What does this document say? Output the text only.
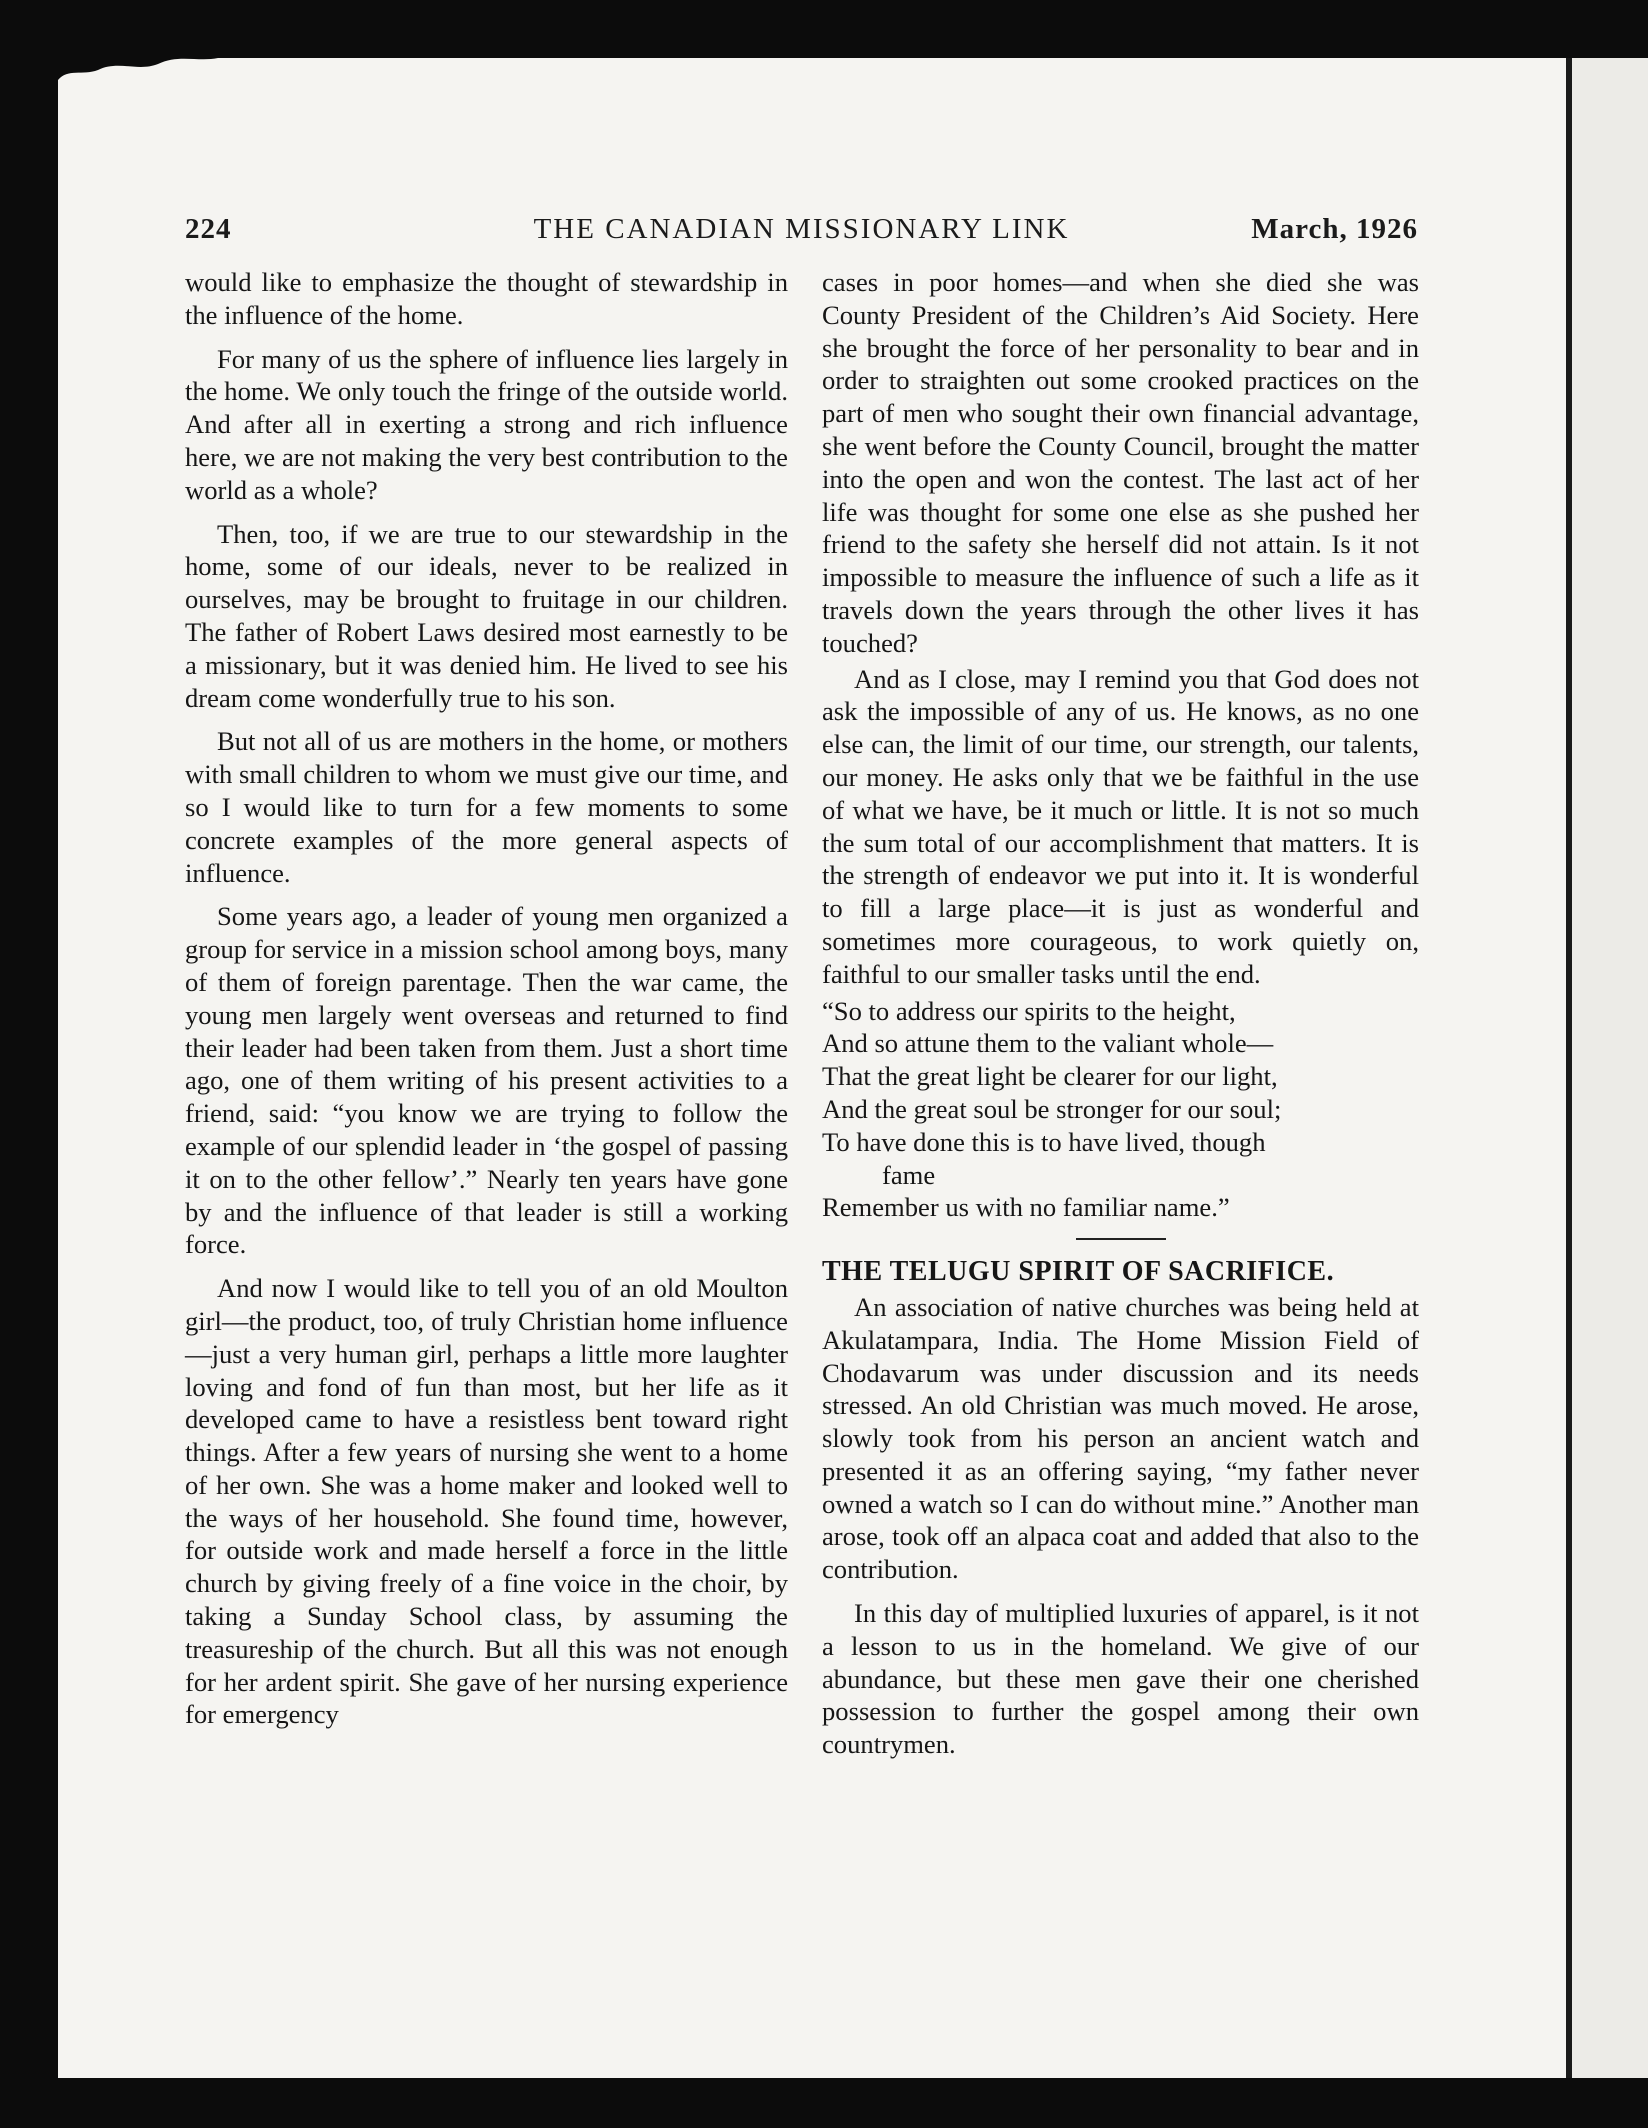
224	THE CANADIAN MISSIONARY LINK	March, 1926

would like to emphasize the thought of stewardship in the influence of the home.

For many of us the sphere of influence lies largely in the home. We only touch the fringe of the outside world. And after all in exerting a strong and rich influence here, we are not making the very best contribution to the world as a whole?

Then, too, if we are true to our stewardship in the home, some of our ideals, never to be realized in ourselves, may be brought to fruitage in our children. The father of Robert Laws desired most earnestly to be a missionary, but it was denied him. He lived to see his dream come wonderfully true to his son.

But not all of us are mothers in the home, or mothers with small children to whom we must give our time, and so I would like to turn for a few moments to some concrete examples of the more general aspects of influence.

Some years ago, a leader of young men organized a group for service in a mission school among boys, many of them of foreign parentage. Then the war came, the young men largely went overseas and returned to find their leader had been taken from them. Just a short time ago, one of them writing of his present activities to a friend, said: “you know we are trying to follow the example of our splendid leader in ‘the gospel of passing it on to the other fellow’.” Nearly ten years have gone by and the influence of that leader is still a working force.

And now I would like to tell you of an old Moulton girl—the product, too, of truly Christian home influence—just a very human girl, perhaps a little more laughter loving and fond of fun than most, but her life as it developed came to have a resistless bent toward right things. After a few years of nursing she went to a home of her own. She was a home maker and looked well to the ways of her household. She found time, however, for outside work and made herself a force in the little church by giving freely of a fine voice in the choir, by taking a Sunday School class, by assuming the treasureship of the church. But all this was not enough for her ardent spirit. She gave of her nursing experience for emergency

cases in poor homes—and when she died she was County President of the Children’s Aid Society. Here she brought the force of her personality to bear and in order to straighten out some crooked practices on the part of men who sought their own financial advantage, she went before the County Council, brought the matter into the open and won the contest. The last act of her life was thought for some one else as she pushed her friend to the safety she herself did not attain. Is it not impossible to measure the influence of such a life as it travels down the years through the other lives it has touched?

And as I close, may I remind you that God does not ask the impossible of any of us. He knows, as no one else can, the limit of our time, our strength, our talents, our money. He asks only that we be faithful in the use of what we have, be it much or little. It is not so much the sum total of our accomplishment that matters. It is the strength of endeavor we put into it. It is wonderful to fill a large place—it is just as wonderful and sometimes more courageous, to work quietly on, faithful to our smaller tasks until the end.

“So to address our spirits to the height,
And so attune them to the valiant whole—
That the great light be clearer for our light,
And the great soul be stronger for our soul;
To have done this is to have lived, though
fame
Remember us with no familiar name.”
THE TELUGU SPIRIT OF SACRIFICE.

An association of native churches was being held at Akulatampara, India. The Home Mission Field of Chodavarum was under discussion and its needs stressed. An old Christian was much moved. He arose, slowly took from his person an ancient watch and presented it as an offering saying, “my father never owned a watch so I can do without mine.” Another man arose, took off an alpaca coat and added that also to the contribution.

In this day of multiplied luxuries of apparel, is it not a lesson to us in the homeland. We give of our abundance, but these men gave their one cherished possession to further the gospel among their own countrymen.
